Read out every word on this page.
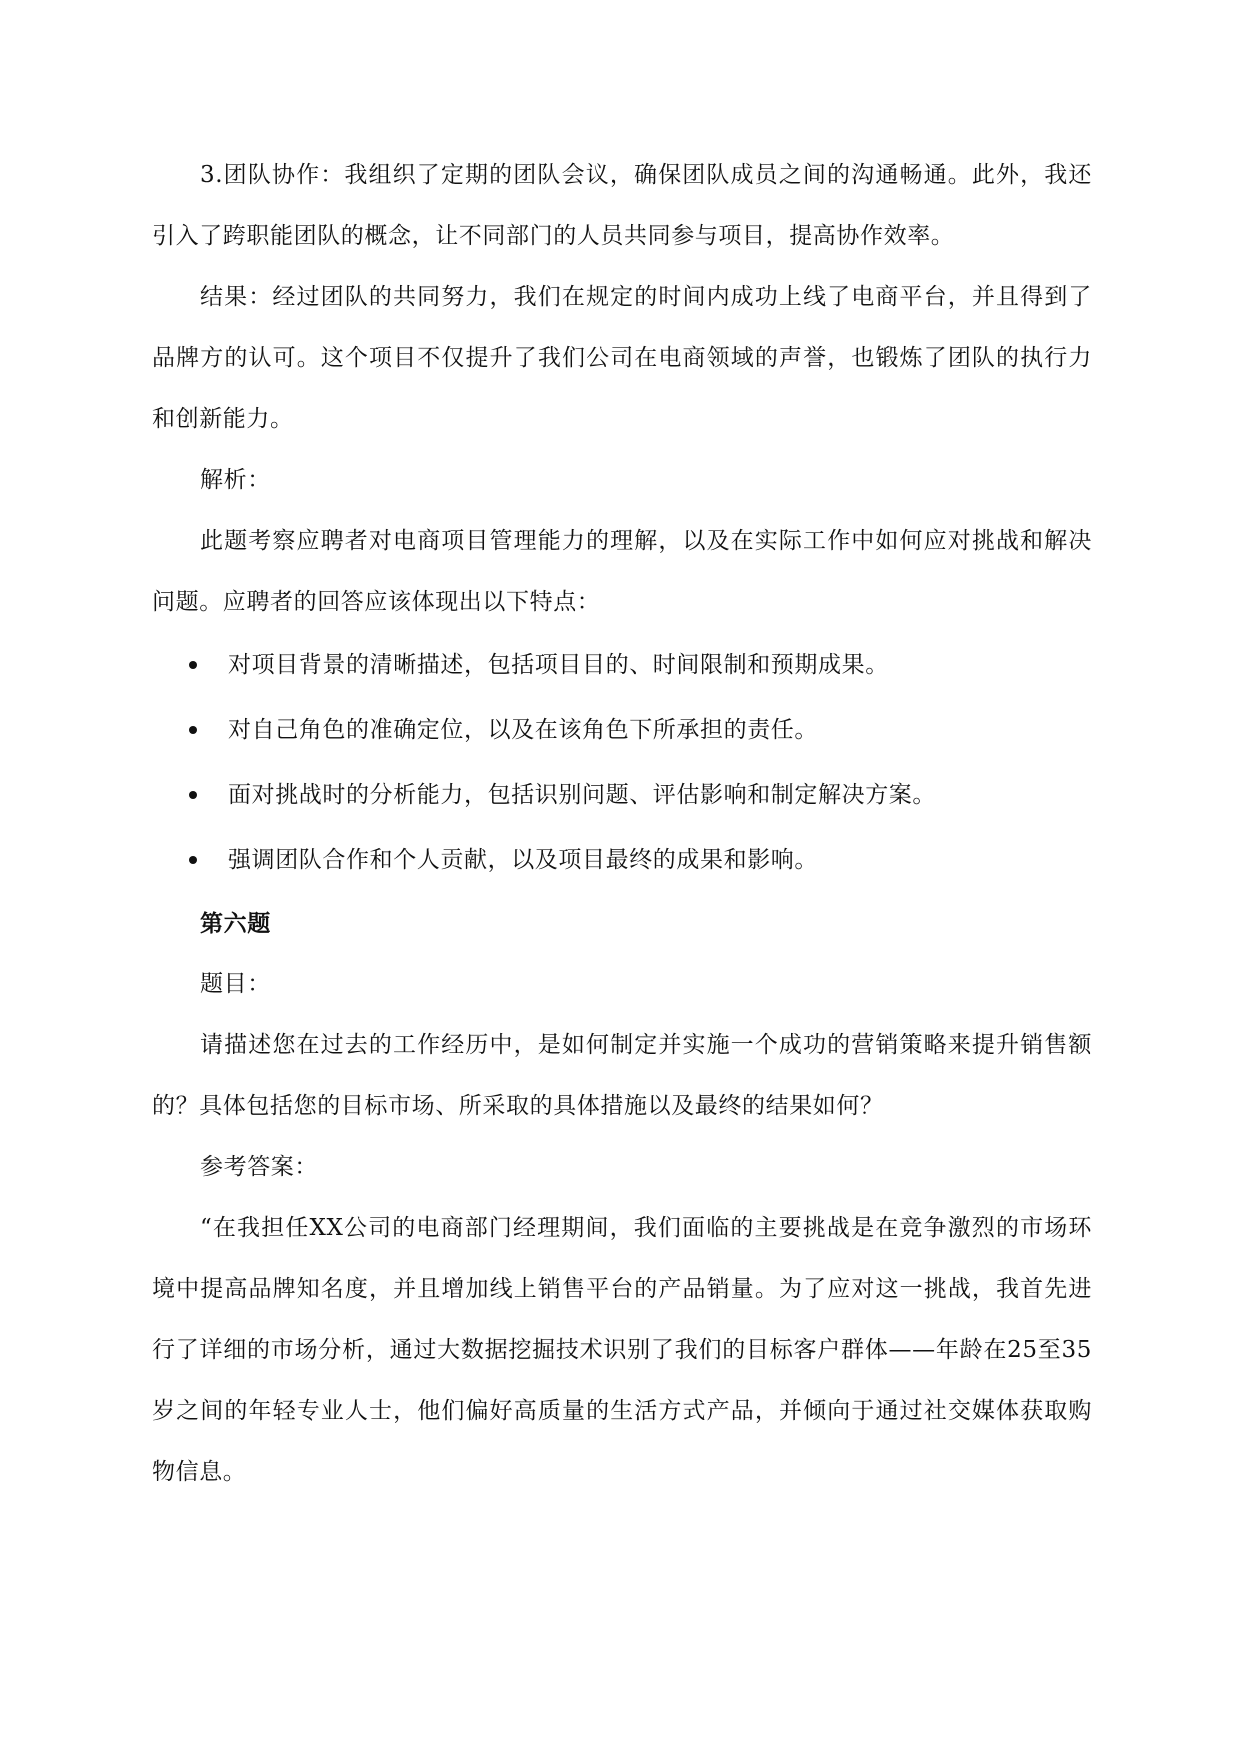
3.团队协作：我组织了定期的团队会议，确保团队成员之间的沟通畅通。此外，我还引入了跨职能团队的概念，让不同部门的人员共同参与项目，提高协作效率。

结果：经过团队的共同努力，我们在规定的时间内成功上线了电商平台，并且得到了品牌方的认可。这个项目不仅提升了我们公司在电商领域的声誉，也锻炼了团队的执行力和创新能力。

解析：

此题考察应聘者对电商项目管理能力的理解，以及在实际工作中如何应对挑战和解决问题。应聘者的回答应该体现出以下特点：

对项目背景的清晰描述，包括项目目的、时间限制和预期成果。
对自己角色的准确定位，以及在该角色下所承担的责任。
面对挑战时的分析能力，包括识别问题、评估影响和制定解决方案。
强调团队合作和个人贡献，以及项目最终的成果和影响。

第六题

题目：

请描述您在过去的工作经历中，是如何制定并实施一个成功的营销策略来提升销售额的？具体包括您的目标市场、所采取的具体措施以及最终的结果如何？

参考答案：

“在我担任XX公司的电商部门经理期间，我们面临的主要挑战是在竞争激烈的市场环境中提高品牌知名度，并且增加线上销售平台的产品销量。为了应对这一挑战，我首先进行了详细的市场分析，通过大数据挖掘技术识别了我们的目标客户群体——年龄在25至35岁之间的年轻专业人士，他们偏好高质量的生活方式产品，并倾向于通过社交媒体获取购物信息。
